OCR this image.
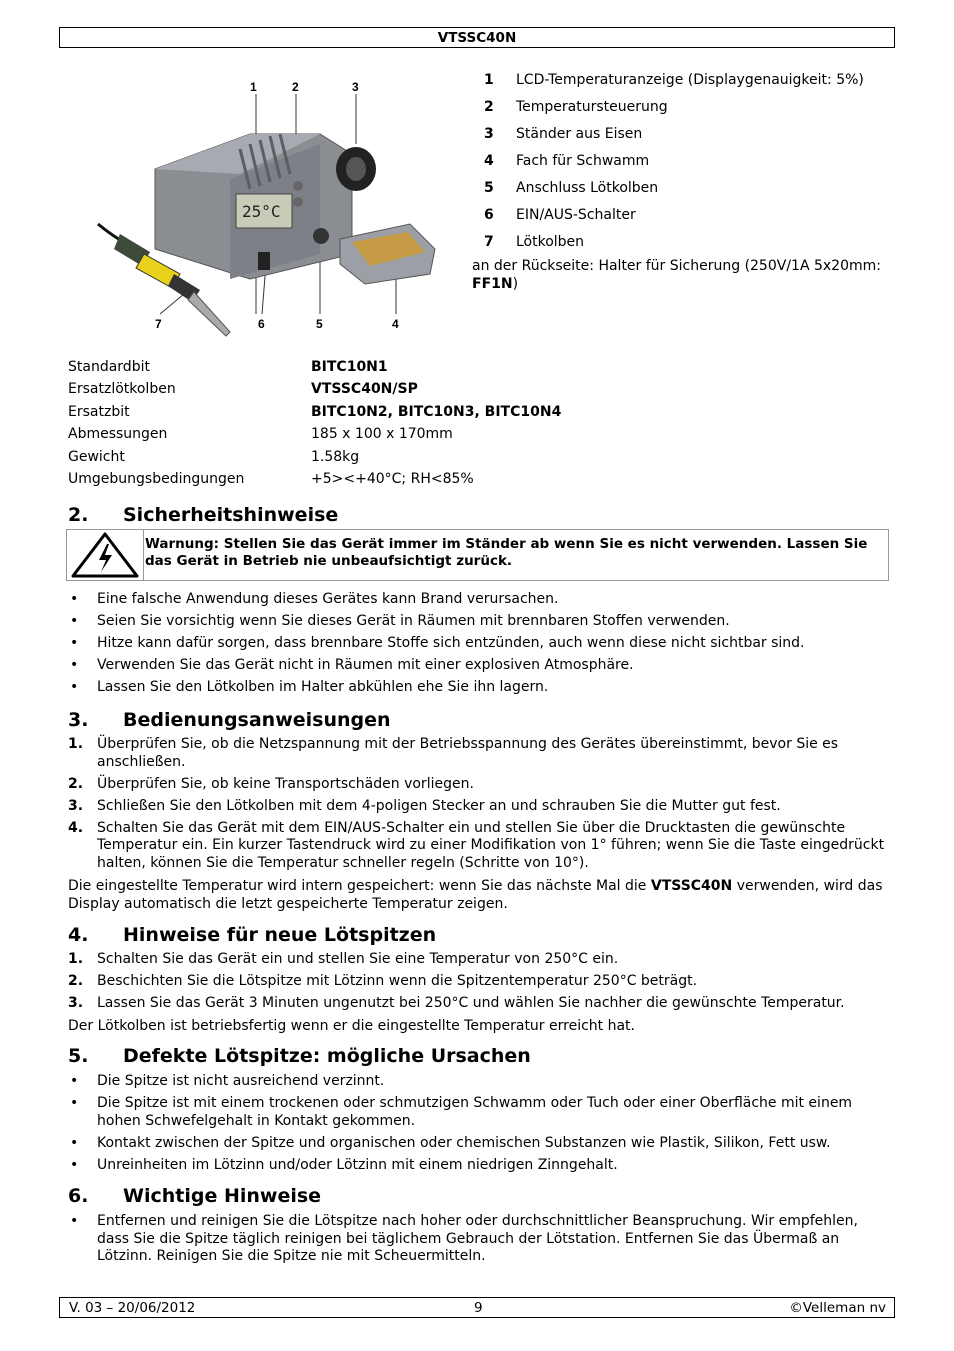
VTSSC40N
1	2	3
4
5
6
7
25°C
1 LCD-Temperaturanzeige (Displaygenauigkeit: 5%)
2 Temperatursteuerung
3 Ständer aus Eisen
4 Fach für Schwamm
5 Anschluss Lötkolben
6 EIN/AUS-Schalter
7 Lötkolben
an der Rückseite: Halter für Sicherung (250V/1A 5x20mm: FF1N)
Standardbit	BITC10N1
Ersatzlötkolben	VTSSC40N/SP
Ersatzbit	BITC10N2, BITC10N3, BITC10N4
Abmessungen	185 x 100 x 170mm
Gewicht	1.58kg
Umgebungsbedingungen	+5><+40°C; RH<85%
2. Sicherheitshinweise
Warnung: Stellen Sie das Gerät immer im Ständer ab wenn Sie es nicht verwenden. Lassen Sie das Gerät in Betrieb nie unbeaufsichtigt zurück.
• Eine falsche Anwendung dieses Gerätes kann Brand verursachen.
• Seien Sie vorsichtig wenn Sie dieses Gerät in Räumen mit brennbaren Stoffen verwenden.
• Hitze kann dafür sorgen, dass brennbare Stoffe sich entzünden, auch wenn diese nicht sichtbar sind.
• Verwenden Sie das Gerät nicht in Räumen mit einer explosiven Atmosphäre.
• Lassen Sie den Lötkolben im Halter abkühlen ehe Sie ihn lagern.
3. Bedienungsanweisungen
1. Überprüfen Sie, ob die Netzspannung mit der Betriebsspannung des Gerätes übereinstimmt, bevor Sie es anschließen.
2. Überprüfen Sie, ob keine Transportschäden vorliegen.
3. Schließen Sie den Lötkolben mit dem 4-poligen Stecker an und schrauben Sie die Mutter gut fest.
4. Schalten Sie das Gerät mit dem EIN/AUS-Schalter ein und stellen Sie über die Drucktasten die gewünschte Temperatur ein. Ein kurzer Tastendruck wird zu einer Modifikation von 1° führen; wenn Sie die Taste eingedrückt halten, können Sie die Temperatur schneller regeln (Schritte von 10°).
Die eingestellte Temperatur wird intern gespeichert: wenn Sie das nächste Mal die VTSSC40N verwenden, wird das Display automatisch die letzt gespeicherte Temperatur zeigen.
4. Hinweise für neue Lötspitzen
1. Schalten Sie das Gerät ein und stellen Sie eine Temperatur von 250°C ein.
2. Beschichten Sie die Lötspitze mit Lötzinn wenn die Spitzentemperatur 250°C beträgt.
3. Lassen Sie das Gerät 3 Minuten ungenutzt bei 250°C und wählen Sie nachher die gewünschte Temperatur.
Der Lötkolben ist betriebsfertig wenn er die eingestellte Temperatur erreicht hat.
5. Defekte Lötspitze: mögliche Ursachen
• Die Spitze ist nicht ausreichend verzinnt.
• Die Spitze ist mit einem trockenen oder schmutzigen Schwamm oder Tuch oder einer Oberfläche mit einem hohen Schwefelgehalt in Kontakt gekommen.
• Kontakt zwischen der Spitze und organischen oder chemischen Substanzen wie Plastik, Silikon, Fett usw.
• Unreinheiten im Lötzinn und/oder Lötzinn mit einem niedrigen Zinngehalt.
6. Wichtige Hinweise
• Entfernen und reinigen Sie die Lötspitze nach hoher oder durchschnittlicher Beanspruchung. Wir empfehlen, dass Sie die Spitze täglich reinigen bei täglichem Gebrauch der Lötstation. Entfernen Sie das Übermaß an Lötzinn. Reinigen Sie die Spitze nie mit Scheuermitteln.
V. 03 – 20/06/2012	9	©Velleman nv
